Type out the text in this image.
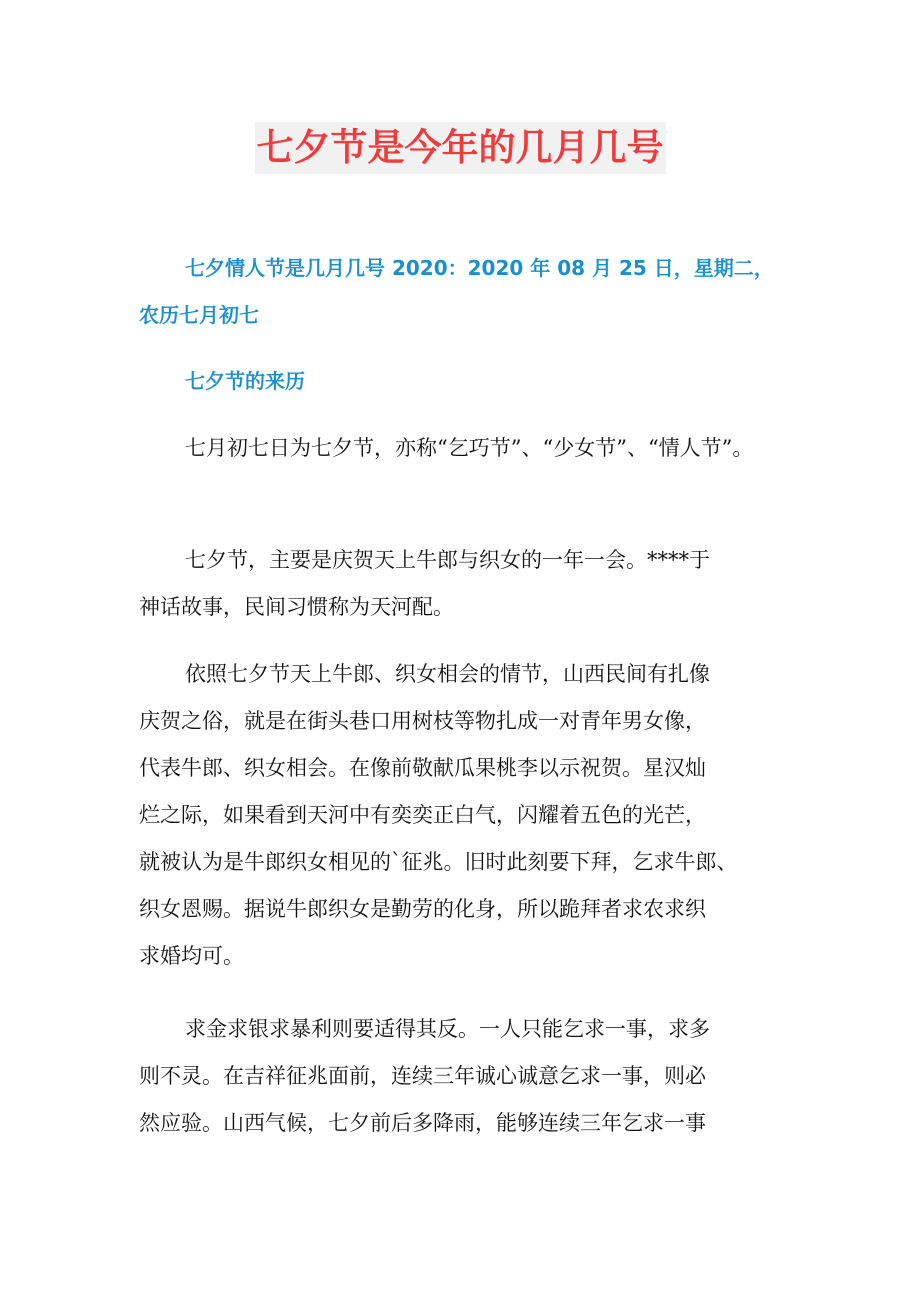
七夕节是今年的几月几号

七夕情人节是几月几号 2020：2020 年 08 月 25 日，星期二，
农历七月初七

七夕节的来历

七月初七日为七夕节，亦称“乞巧节”、“少女节”、“情人节”。

七夕节，主要是庆贺天上牛郎与织女的一年一会。****于
神话故事，民间习惯称为天河配。

依照七夕节天上牛郎、织女相会的情节，山西民间有扎像
庆贺之俗，就是在街头巷口用树枝等物扎成一对青年男女像，
代表牛郎、织女相会。在像前敬献瓜果桃李以示祝贺。星汉灿
烂之际，如果看到天河中有奕奕正白气，闪耀着五色的光芒，
就被认为是牛郎织女相见的`征兆。旧时此刻要下拜，乞求牛郎、
织女恩赐。据说牛郎织女是勤劳的化身，所以跪拜者求农求织
求婚均可。

求金求银求暴利则要适得其反。一人只能乞求一事，求多
则不灵。在吉祥征兆面前，连续三年诚心诚意乞求一事，则必
然应验。山西气候，七夕前后多降雨，能够连续三年乞求一事
